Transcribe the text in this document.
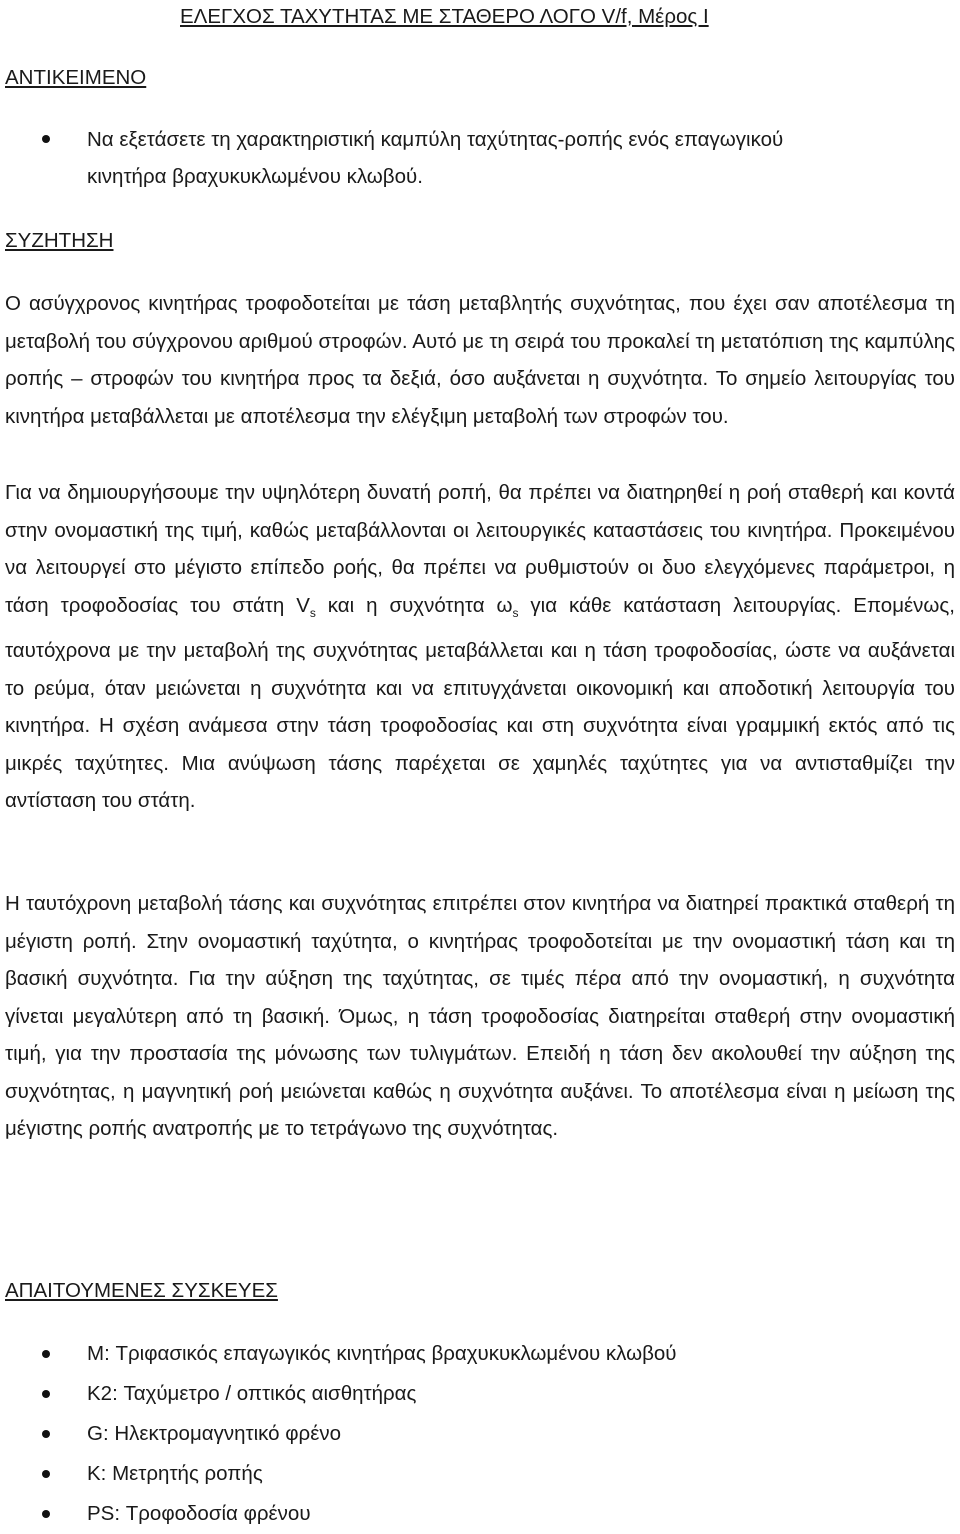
ΕΛΕΓΧΟΣ ΤΑΧΥΤΗΤΑΣ ΜΕ ΣΤΑΘΕΡΟ ΛΟΓΟ V/f, Μέρος Ι
ΑΝΤΙΚΕΙΜΕΝΟ
Να εξετάσετε τη χαρακτηριστική καμπύλη ταχύτητας-ροπής ενός επαγωγικού κινητήρα βραχυκυκλωμένου κλωβού.
ΣΥΖΗΤΗΣΗ

Ο ασύγχρονος κινητήρας τροφοδοτείται με τάση μεταβλητής συχνότητας, που έχει σαν αποτέλεσμα τη μεταβολή του σύγχρονου αριθμού στροφών. Αυτό με τη σειρά του προκαλεί τη μετατόπιση της καμπύλης ροπής – στροφών του κινητήρα προς τα δεξιά, όσο αυξάνεται η συχνότητα. Το σημείο λειτουργίας του κινητήρα μεταβάλλεται με αποτέλεσμα την ελέγξιμη μεταβολή των στροφών του.

Για να δημιουργήσουμε την υψηλότερη δυνατή ροπή, θα πρέπει να διατηρηθεί η ροή σταθερή και κοντά στην ονομαστική της τιμή, καθώς μεταβάλλονται οι λειτουργικές καταστάσεις του κινητήρα. Προκειμένου να λειτουργεί στο μέγιστο επίπεδο ροής, θα πρέπει να ρυθμιστούν οι δυο ελεγχόμενες παράμετροι, η τάση τροφοδοσίας του στάτη $V_s$ και η συχνότητα $\omega_s$ για κάθε κατάσταση λειτουργίας. Επομένως, ταυτόχρονα με την μεταβολή της συχνότητας μεταβάλλεται και η τάση τροφοδοσίας, ώστε να αυξάνεται το ρεύμα, όταν μειώνεται η συχνότητα και να επιτυγχάνεται οικονομική και αποδοτική λειτουργία του κινητήρα. Η σχέση ανάμεσα στην τάση τροφοδοσίας και στη συχνότητα είναι γραμμική εκτός από τις μικρές ταχύτητες. Μια ανύψωση τάσης παρέχεται σε χαμηλές ταχύτητες για να αντισταθμίζει την αντίσταση του στάτη.

Η ταυτόχρονη μεταβολή τάσης και συχνότητας επιτρέπει στον κινητήρα να διατηρεί πρακτικά σταθερή τη μέγιστη ροπή. Στην ονομαστική ταχύτητα, ο κινητήρας τροφοδοτείται με την ονομαστική τάση και τη βασική συχνότητα. Για την αύξηση της ταχύτητας, σε τιμές πέρα από την ονομαστική, η συχνότητα γίνεται μεγαλύτερη από τη βασική. Όμως, η τάση τροφοδοσίας διατηρείται σταθερή στην ονομαστική τιμή, για την προστασία της μόνωσης των τυλιγμάτων. Επειδή η τάση δεν ακολουθεί την αύξηση της συχνότητας, η μαγνητική ροή μειώνεται καθώς η συχνότητα αυξάνει. Το αποτέλεσμα είναι η μείωση της μέγιστης ροπής ανατροπής με το τετράγωνο της συχνότητας.

ΑΠΑΙΤΟΥΜΕΝΕΣ ΣΥΣΚΕΥΕΣ
M: Τριφασικός επαγωγικός κινητήρας βραχυκυκλωμένου κλωβού
K2: Ταχύμετρο / οπτικός αισθητήρας
G: Ηλεκτρομαγνητικό φρένο
K: Μετρητής ροπής
PS: Τροφοδοσία φρένου
